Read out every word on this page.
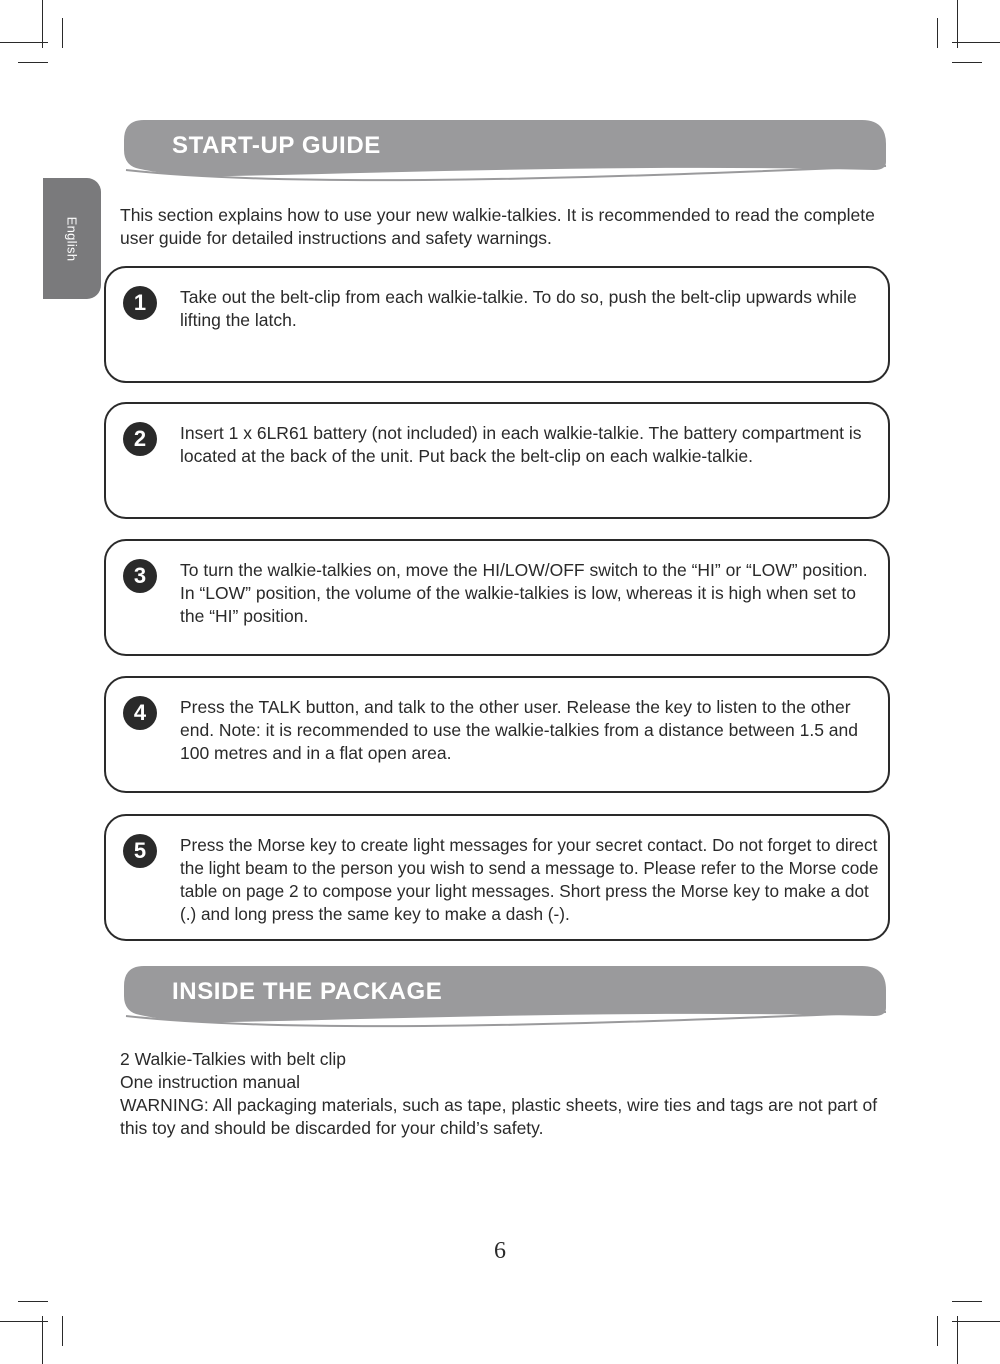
English
START-UP GUIDE

This section explains how to use your new walkie-talkies. It is recommended to read the complete user guide for detailed instructions and safety warnings.

1	Take out the belt-clip from each walkie-talkie. To do so, push the belt-clip upwards while lifting the latch.

2	Insert 1 x 6LR61 battery (not included) in each walkie-talkie. The battery compartment is located at the back of the unit. Put back the belt-clip on each walkie-talkie.

3	To turn the walkie-talkies on, move the HI/LOW/OFF switch to the “HI” or “LOW” position. In “LOW” position, the volume of the walkie-talkies is low, whereas it is high when set to the “HI” position.

4	Press the TALK button, and talk to the other user. Release the key to listen to the other end. Note: it is recommended to use the walkie-talkies from a distance between 1.5 and 100 metres and in a flat open area.

5	Press the Morse key to create light messages for your secret contact. Do not forget to direct the light beam to the person you wish to send a message to. Please refer to the Morse code table on page 2 to compose your light messages. Short press the Morse key to make a dot (.) and long press the same key to make a dash (-).

INSIDE THE PACKAGE
2 Walkie-Talkies with belt clip
One instruction manual
WARNING: All packaging materials, such as tape, plastic sheets, wire ties and tags are not part of this toy and should be discarded for your child’s safety.
6
